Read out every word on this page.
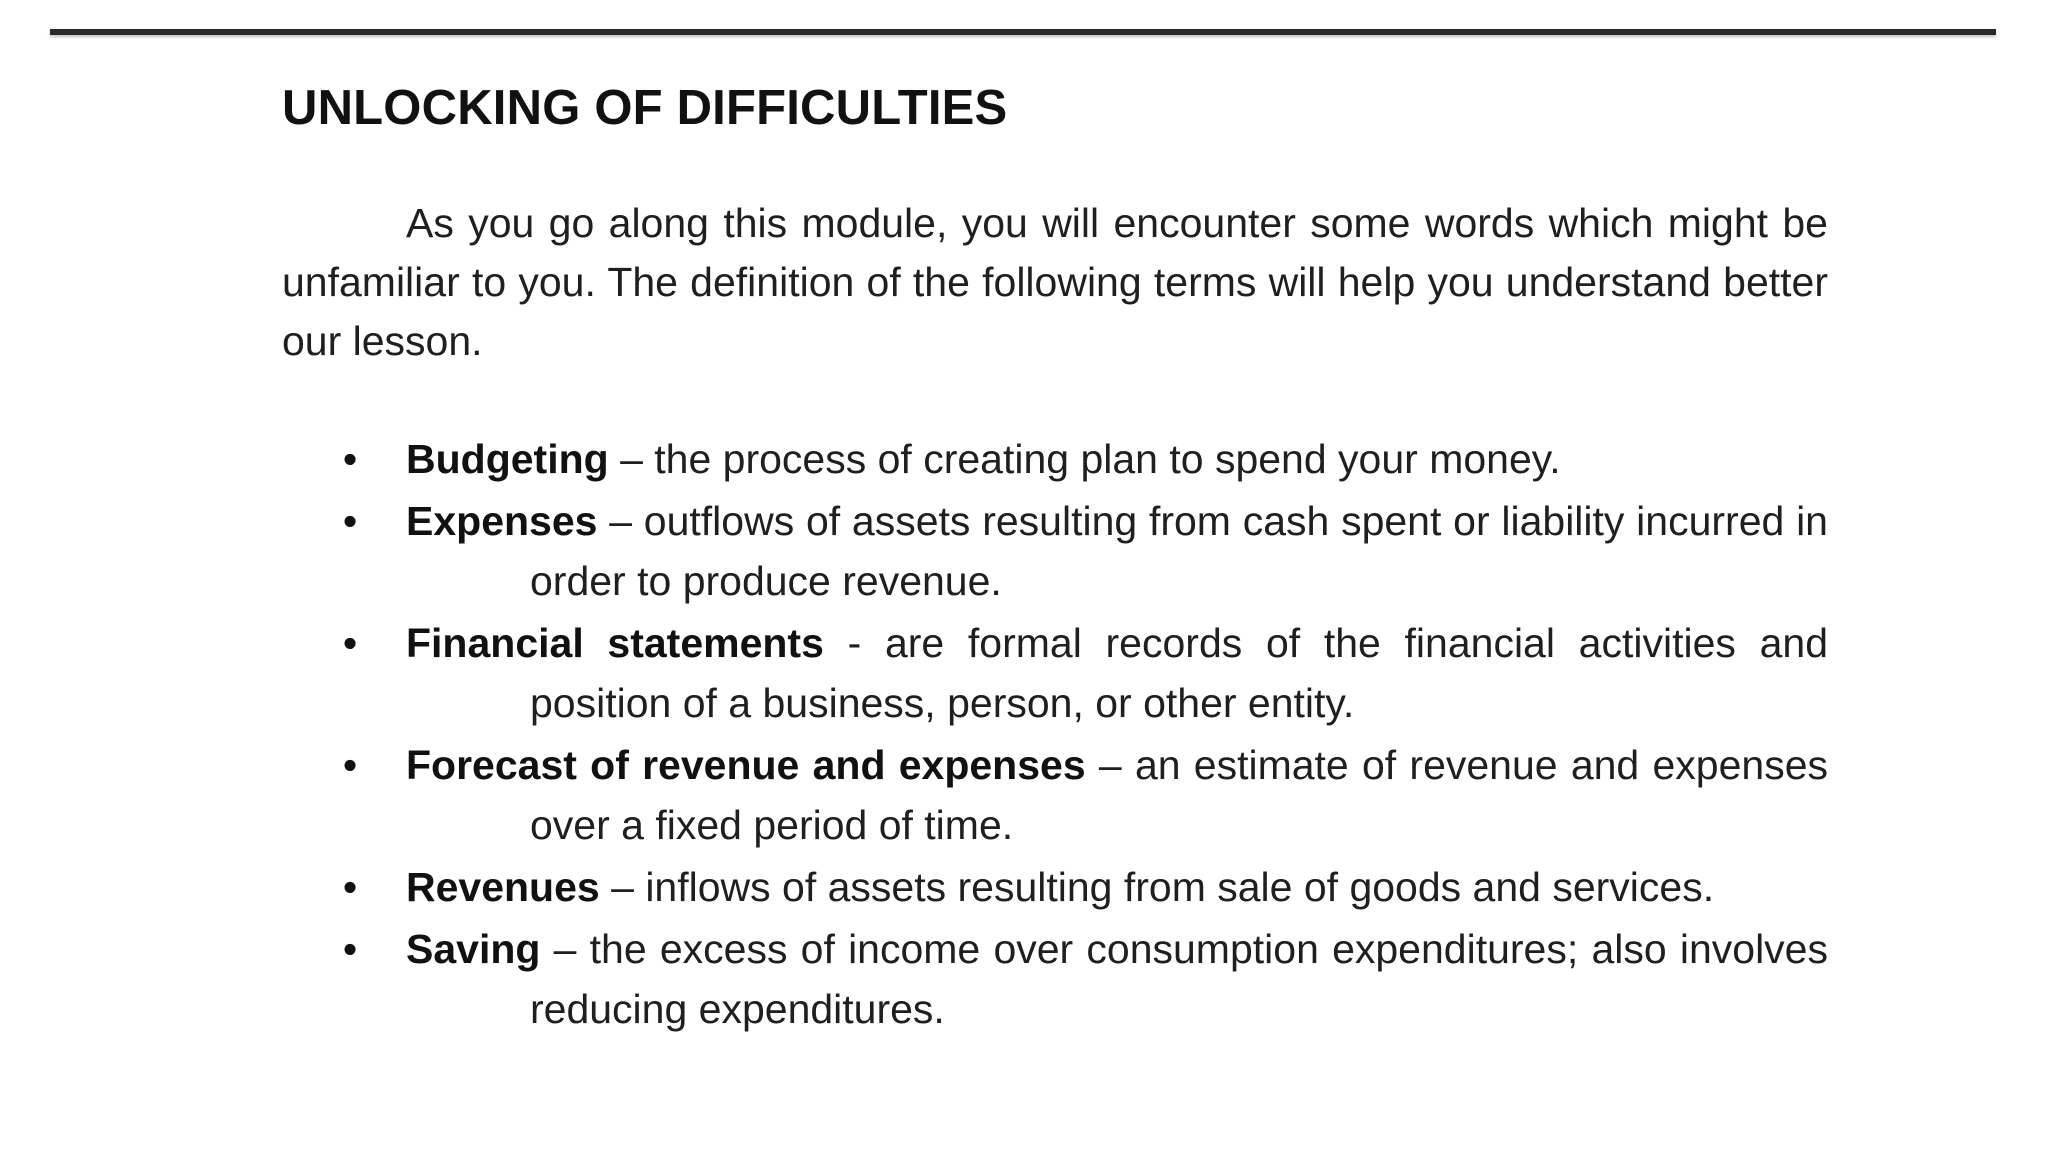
UNLOCKING OF DIFFICULTIES

As you go along this module, you will encounter some words which might be unfamiliar to you. The definition of the following terms will help you understand better our lesson.

• Budgeting – the process of creating plan to spend your money.
• Expenses – outflows of assets resulting from cash spent or liability incurred in
order to produce revenue.
• Financial statements - are formal records of the financial activities and
position of a business, person, or other entity.
• Forecast of revenue and expenses – an estimate of revenue and expenses
over a fixed period of time.
• Revenues – inflows of assets resulting from sale of goods and services.
• Saving – the excess of income over consumption expenditures; also involves
reducing expenditures.
